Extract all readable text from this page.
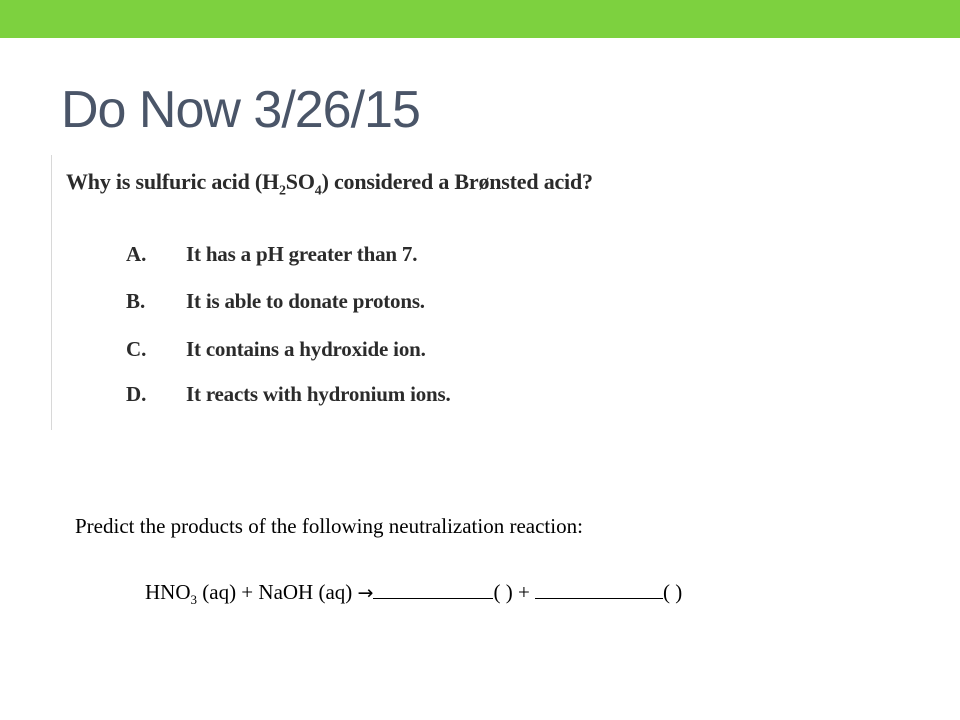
Do Now 3/26/15
Why is sulfuric acid $(H_2SO_4)$ considered a Brønsted acid?
A. It has a pH greater than 7.
B. It is able to donate protons.
C. It contains a hydroxide ion.
D. It reacts with hydronium ions.
Predict the products of the following neutralization reaction:
$HNO_3$ (aq) + NaOH (aq) →	( ) +	( )
